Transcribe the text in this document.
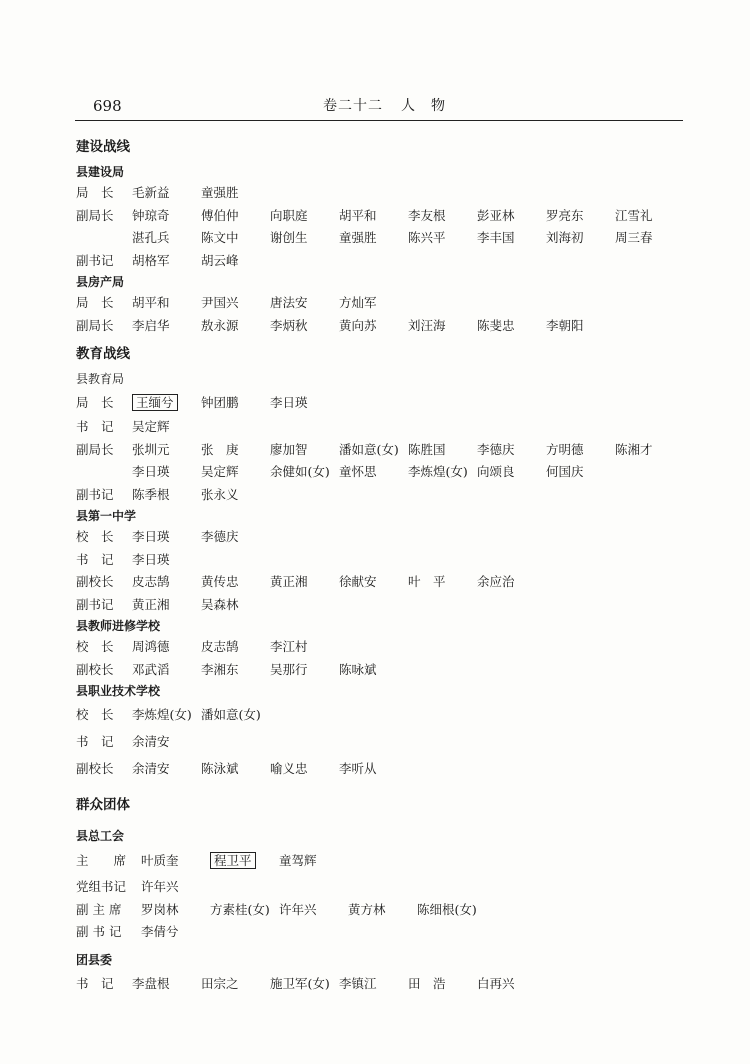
698	卷二十二 人　物
建设战线
县建设局
局　长	毛新益	童强胜
副局长	钟琼奇	傅伯仲	向职庭	胡平和	李友根	彭亚林	罗亮东	江雪礼
湛孔兵	陈文中	谢创生	童强胜	陈兴平	李丰国	刘海初	周三春
副书记	胡格军	胡云峰
县房产局
局　长	胡平和	尹国兴	唐法安	方灿军
副局长	李启华	敖永源	李炳秋	黄向苏	刘汪海	陈斐忠	李朝阳
教育战线
县教育局
局　长	王缅兮	钟团鹏	李日瑛
书　记	吴定辉
副局长	张圳元	张　庚	廖加智	潘如意(女) 陈胜国	李德庆	方明德	陈湘才
李日瑛	吴定辉	余健如(女) 童怀思	李炼煌(女) 向颂良	何国庆
副书记	陈季根	张永义
县第一中学
校　长	李日瑛	李德庆
书　记	李日瑛
副校长	皮志鹄	黄传忠	黄正湘	徐献安	叶　平	余应治
副书记	黄正湘	吴森林
县教师进修学校
校　长	周鸿德	皮志鹄	李江村
副校长	邓武滔	李湘东	吴那行	陈咏斌
县职业技术学校
校　长	李炼煌(女) 潘如意(女)
书　记	余清安
副校长	余清安	陈泳斌	喻义忠	李听从
群众团体
县总工会
主　　席	叶质奎	程卫平	童驾辉
党组书记	许年兴
副 主 席	罗岗林	方素桂(女) 许年兴	黄方林	陈细根(女)
副 书 记	李倩兮
团县委
书　记	李盘根	田宗之	施卫军(女) 李镇江	田　浩	白再兴
